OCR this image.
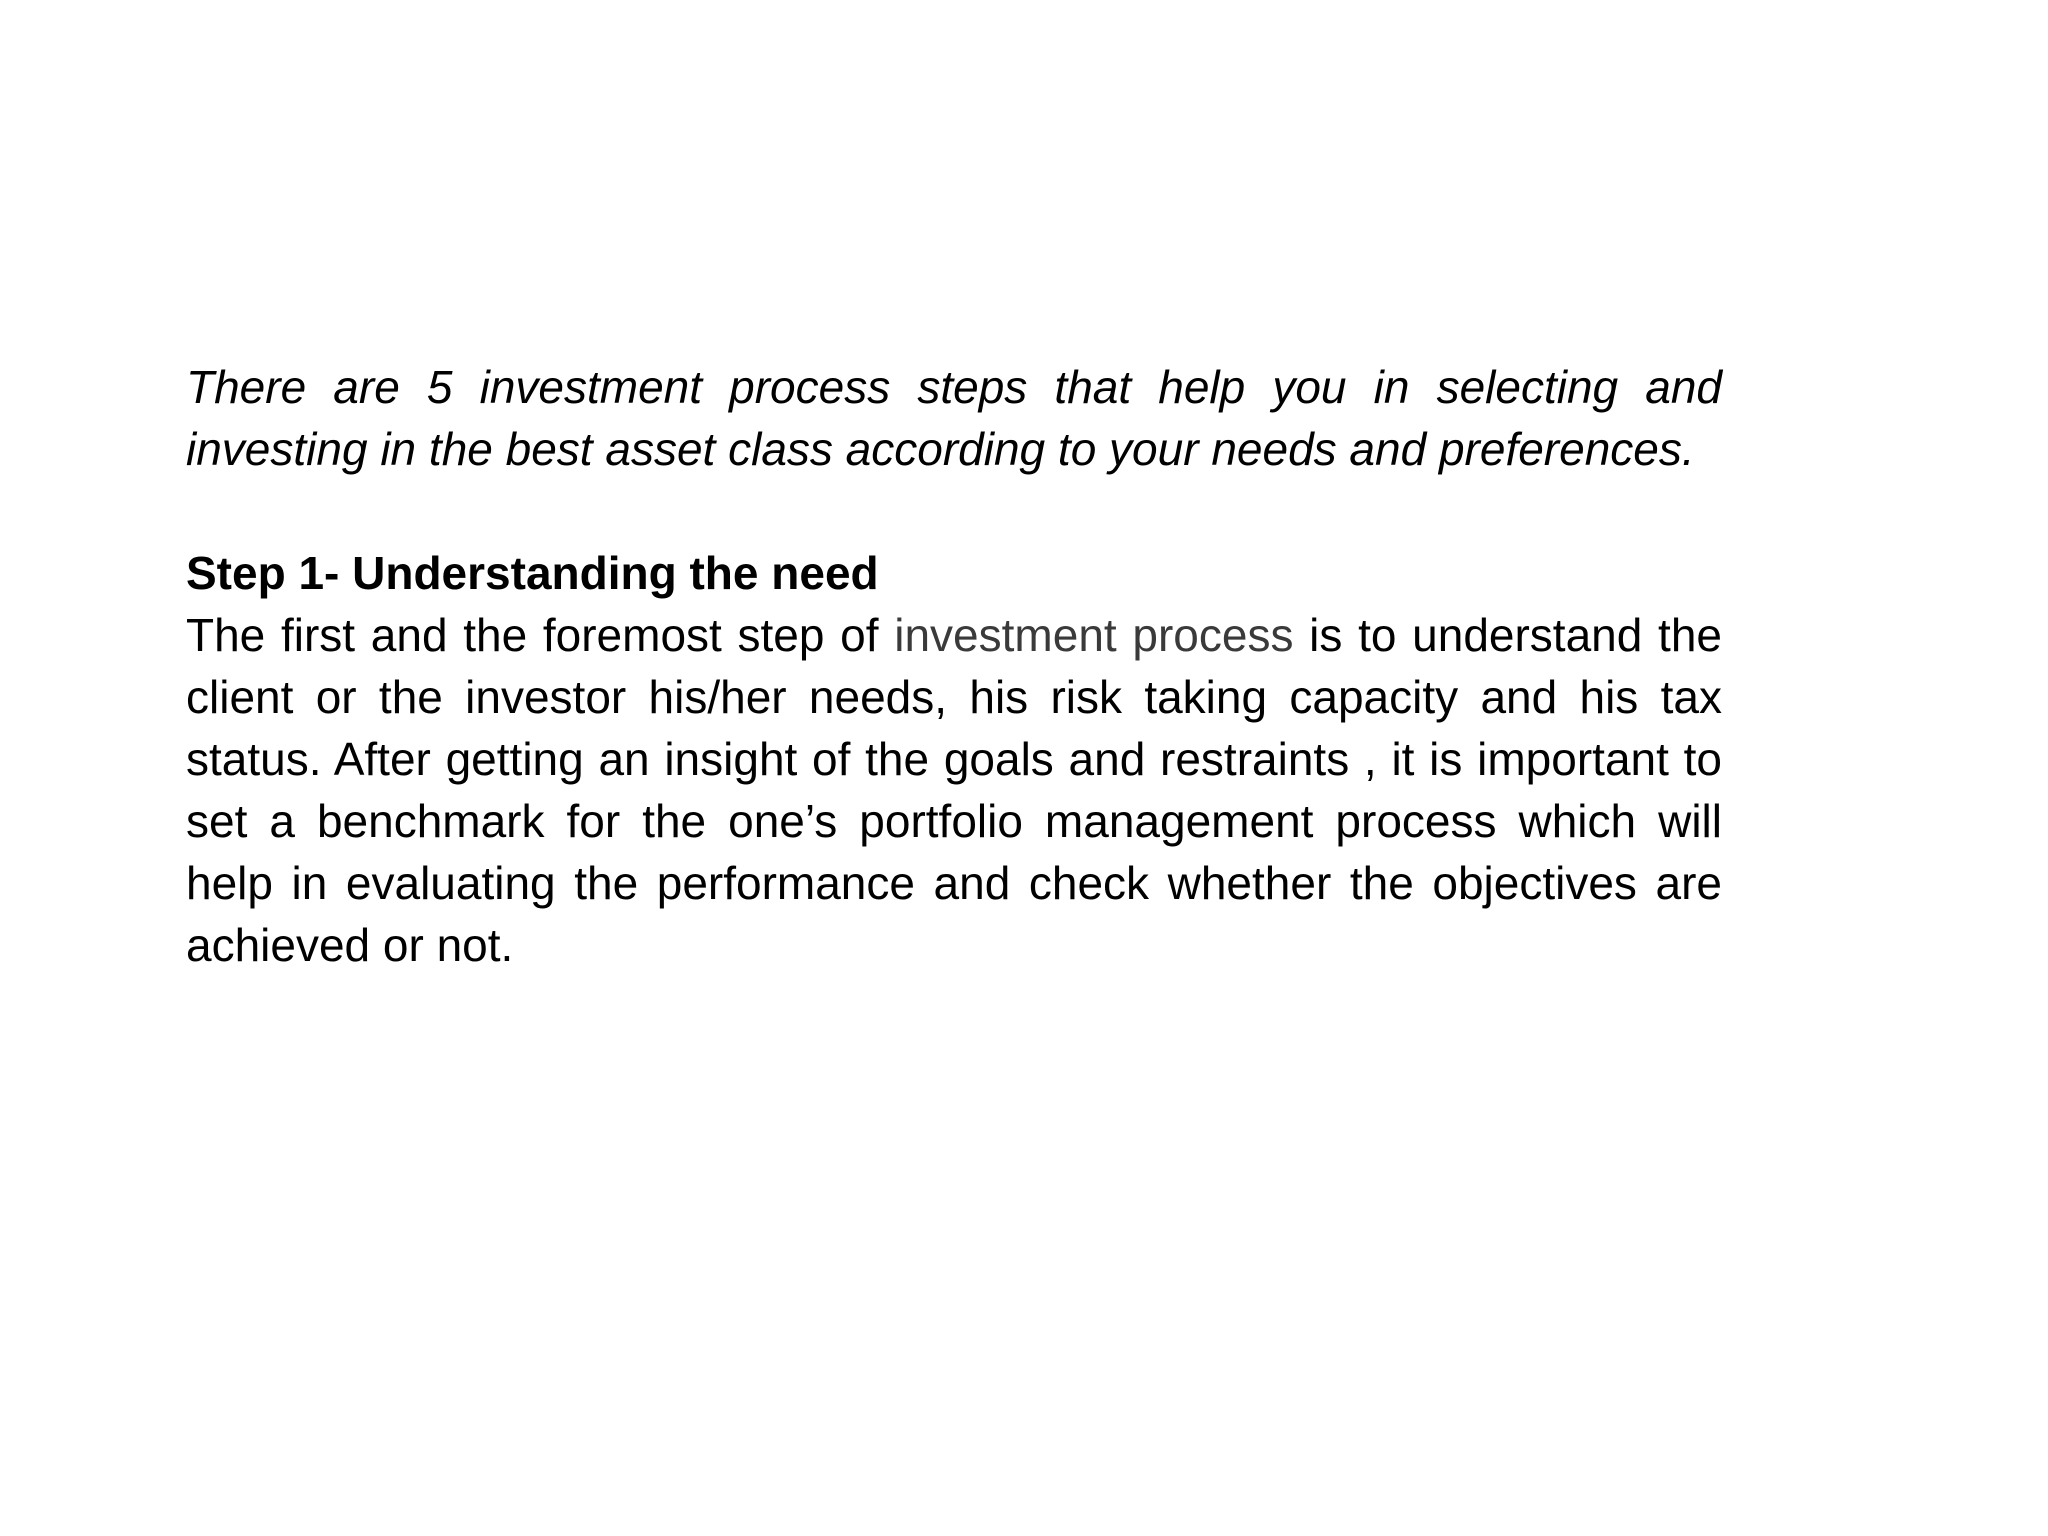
There are 5 investment process steps that help you in selecting and investing in the best asset class according to your needs and preferences.

Step 1- Understanding the need

The first and the foremost step of investment process is to understand the client or the investor his/her needs, his risk taking capacity and his tax status. After getting an insight of the goals and restraints , it is important to set a benchmark for the one’s portfolio management process which will help in evaluating the performance and check whether the objectives are achieved or not.
